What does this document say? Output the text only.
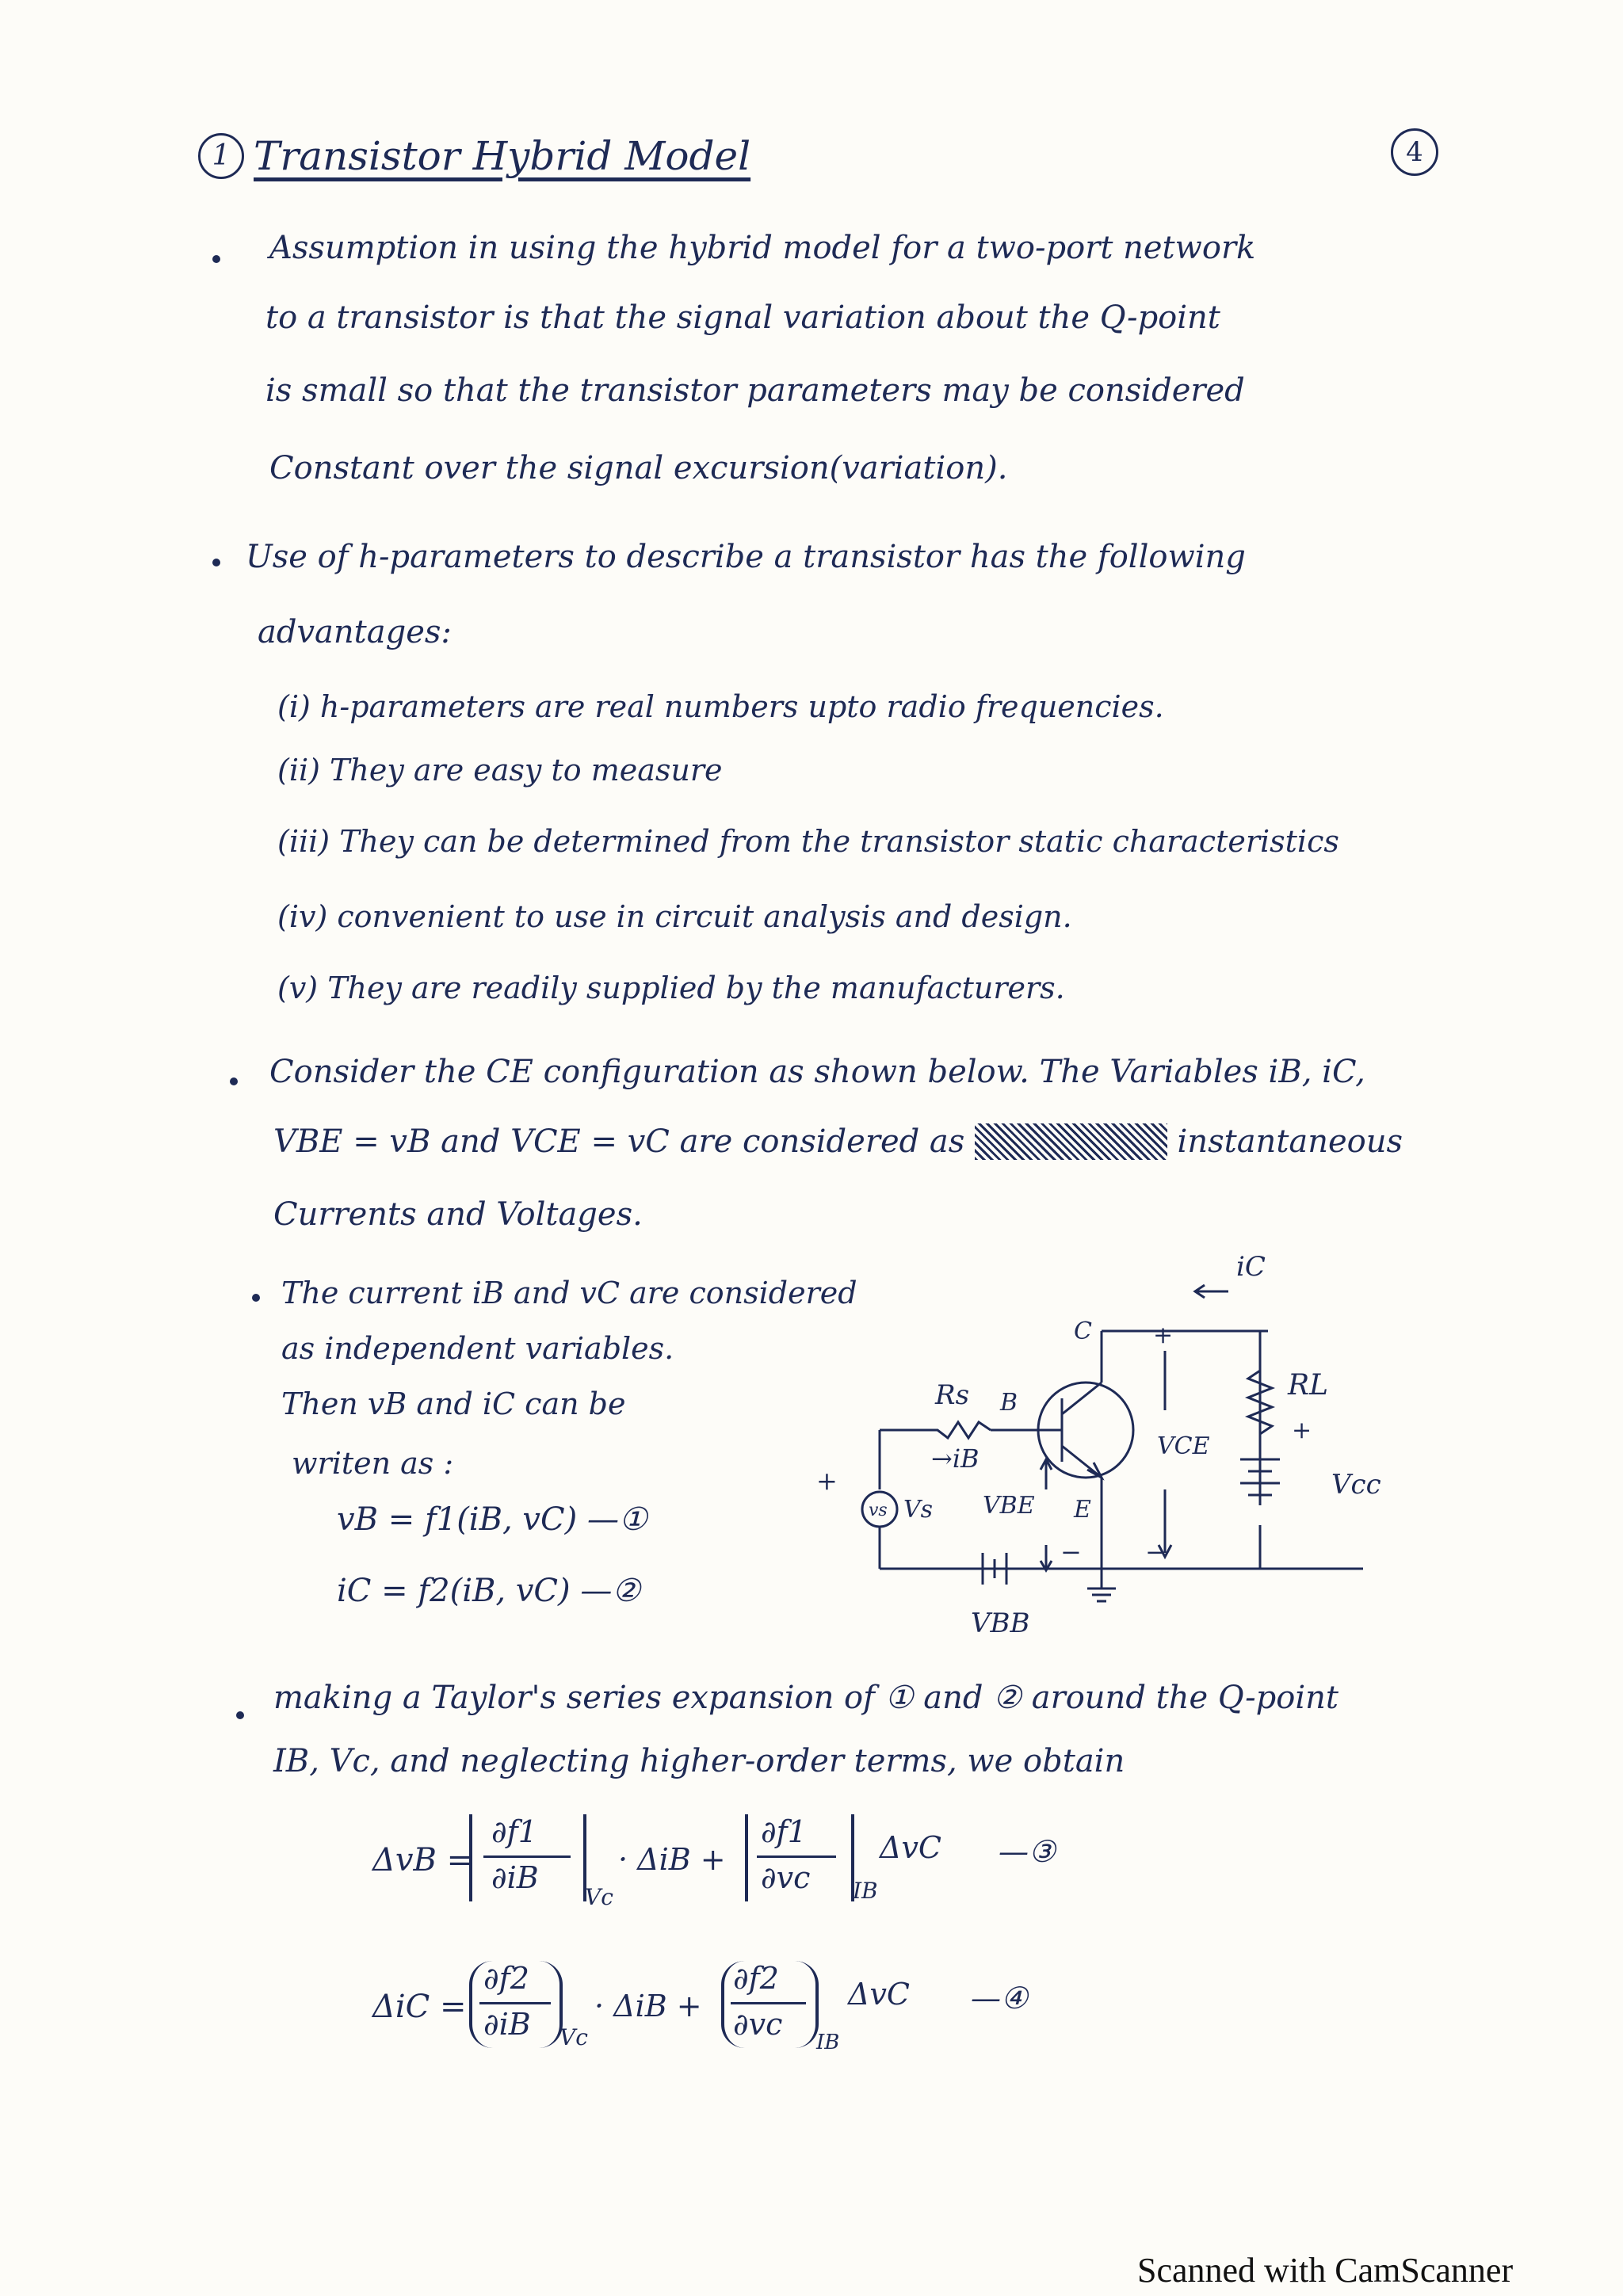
1 Transistor Hybrid Model	4
Assumption in using the hybrid model for a two-port network
to a transistor is that the signal variation about the Q-point
is small so that the transistor parameters may be considered
Constant over the signal excursion(variation).
Use of h-parameters to describe a transistor has the following
advantages:
(i) h-parameters are real numbers upto radio frequencies.
(ii) They are easy to measure
(iii) They can be determined from the transistor static characteristics
(iv) convenient to use in circuit analysis and design.
(v) They are readily supplied by the manufacturers.
Consider the CE configuration as shown below. The Variables iB, iC,
VBE = vB and VCE = vC are considered as	instantaneous
Currents and Voltages.
The current iB and vC are considered
as independent variables.
Then vB and iC can be
writen as :
vB = f1(iB, vC) —①
iC = f2(iB, vC) —②
iC
C	+
B
Rs
→iB	VCE
RL
+
Vcc
+
vs Vs VBE E
−	−
VBB
making a Taylor's series expansion of ① and ② around the Q-point
IB, Vc, and neglecting higher-order terms, we obtain
ΔvB =
∂f1
∂iB
Vc
· ΔiB +
∂f1
∂vc IB
ΔvC —③
ΔiC =
∂f2
∂iB Vc
· ΔiB +
∂f2
∂vc
IB
ΔvC —④
Scanned with CamScanner
